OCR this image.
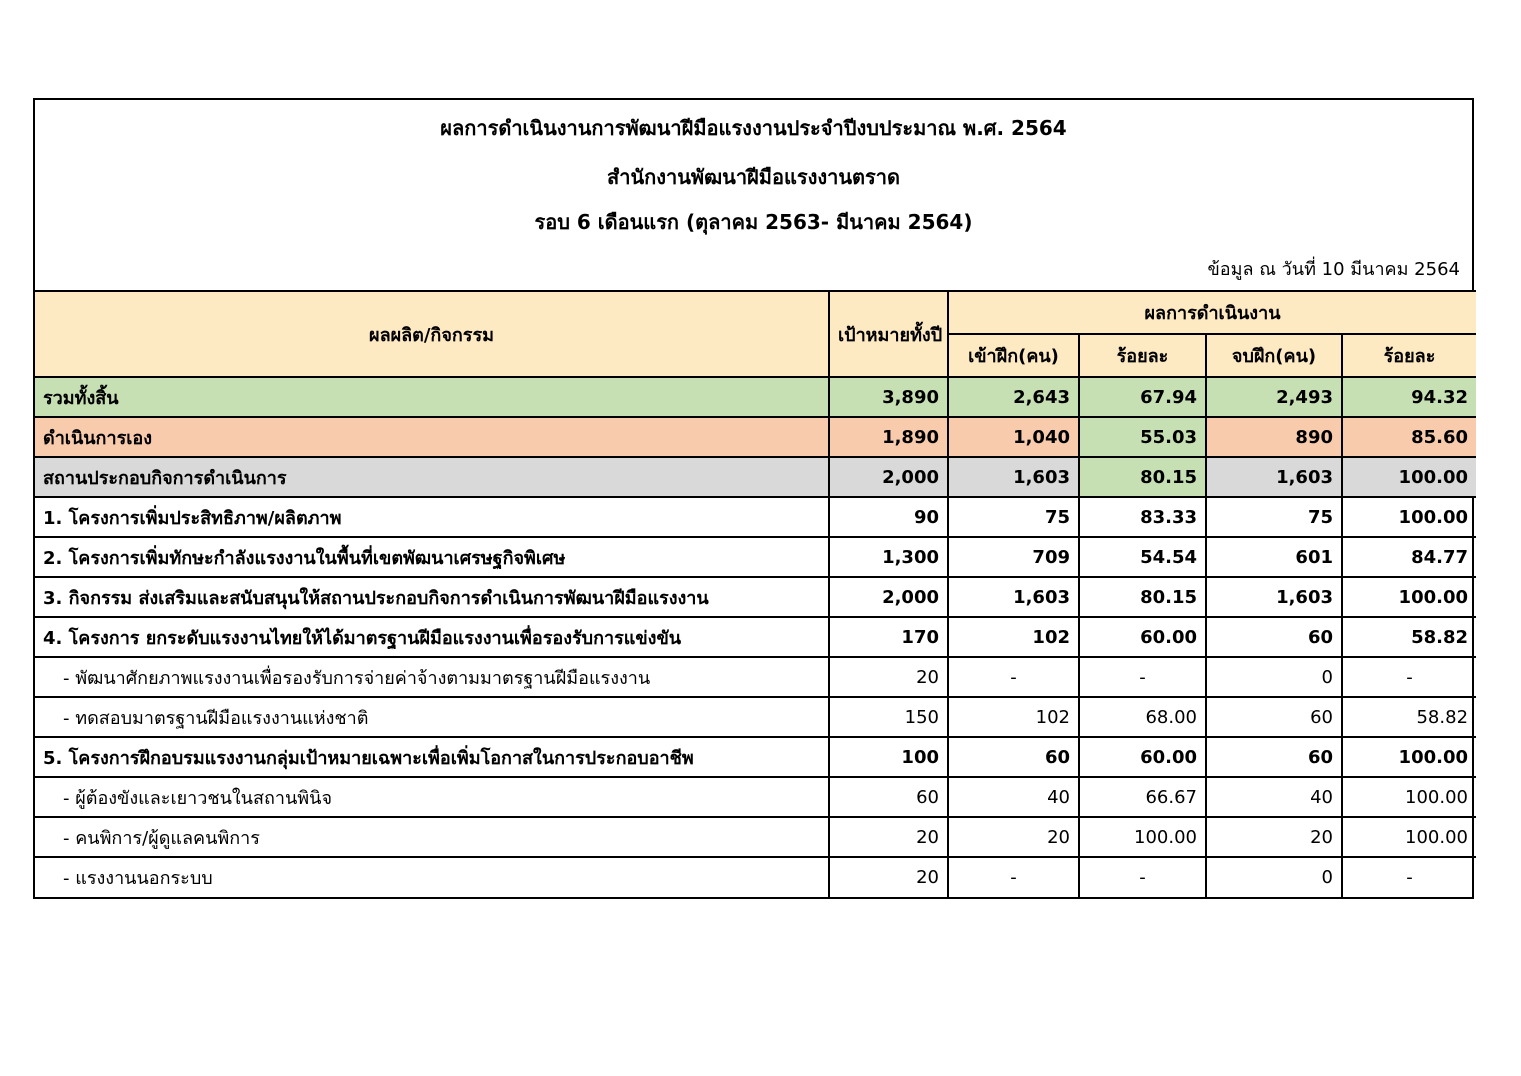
ผลการดำเนินงานการพัฒนาฝีมือแรงงานประจำปีงบประมาณ พ.ศ. 2564
สำนักงานพัฒนาฝีมือแรงงานตราด
รอบ 6 เดือนแรก (ตุลาคม 2563- มีนาคม 2564)
ข้อมูล ณ วันที่ 10 มีนาคม 2564
ผลผลิต/กิจกรรม	เป้าหมายทั้งปี	ผลการดำเนินงาน			
		เข้าฝึก(คน)	ร้อยละ	จบฝึก(คน)	ร้อยละ
รวมทั้งสิ้น	3,890	2,643	67.94	2,493	94.32
ดำเนินการเอง	1,890	1,040	55.03	890	85.60
สถานประกอบกิจการดำเนินการ	2,000	1,603	80.15	1,603	100.00
1. โครงการเพิ่มประสิทธิภาพ/ผลิตภาพ	90	75	83.33	75	100.00
2. โครงการเพิ่มทักษะกำลังแรงงานในพื้นที่เขตพัฒนาเศรษฐกิจพิเศษ	1,300	709	54.54	601	84.77
3. กิจกรรม ส่งเสริมและสนับสนุนให้สถานประกอบกิจการดำเนินการพัฒนาฝีมือแรงงาน	2,000	1,603	80.15	1,603	100.00
4. โครงการ ยกระดับแรงงานไทยให้ได้มาตรฐานฝีมือแรงงานเพื่อรองรับการแข่งขัน	170	102	60.00	60	58.82
- พัฒนาศักยภาพแรงงานเพื่อรองรับการจ่ายค่าจ้างตามมาตรฐานฝีมือแรงงาน	20	-	-	0	-
- ทดสอบมาตรฐานฝีมือแรงงานแห่งชาติ	150	102	68.00	60	58.82
5. โครงการฝึกอบรมแรงงานกลุ่มเป้าหมายเฉพาะเพื่อเพิ่มโอกาสในการประกอบอาชีพ	100	60	60.00	60	100.00
- ผู้ต้องขังและเยาวชนในสถานพินิจ	60	40	66.67	40	100.00
- คนพิการ/ผู้ดูแลคนพิการ	20	20	100.00	20	100.00
- แรงงานนอกระบบ	20	-	-	0	-
